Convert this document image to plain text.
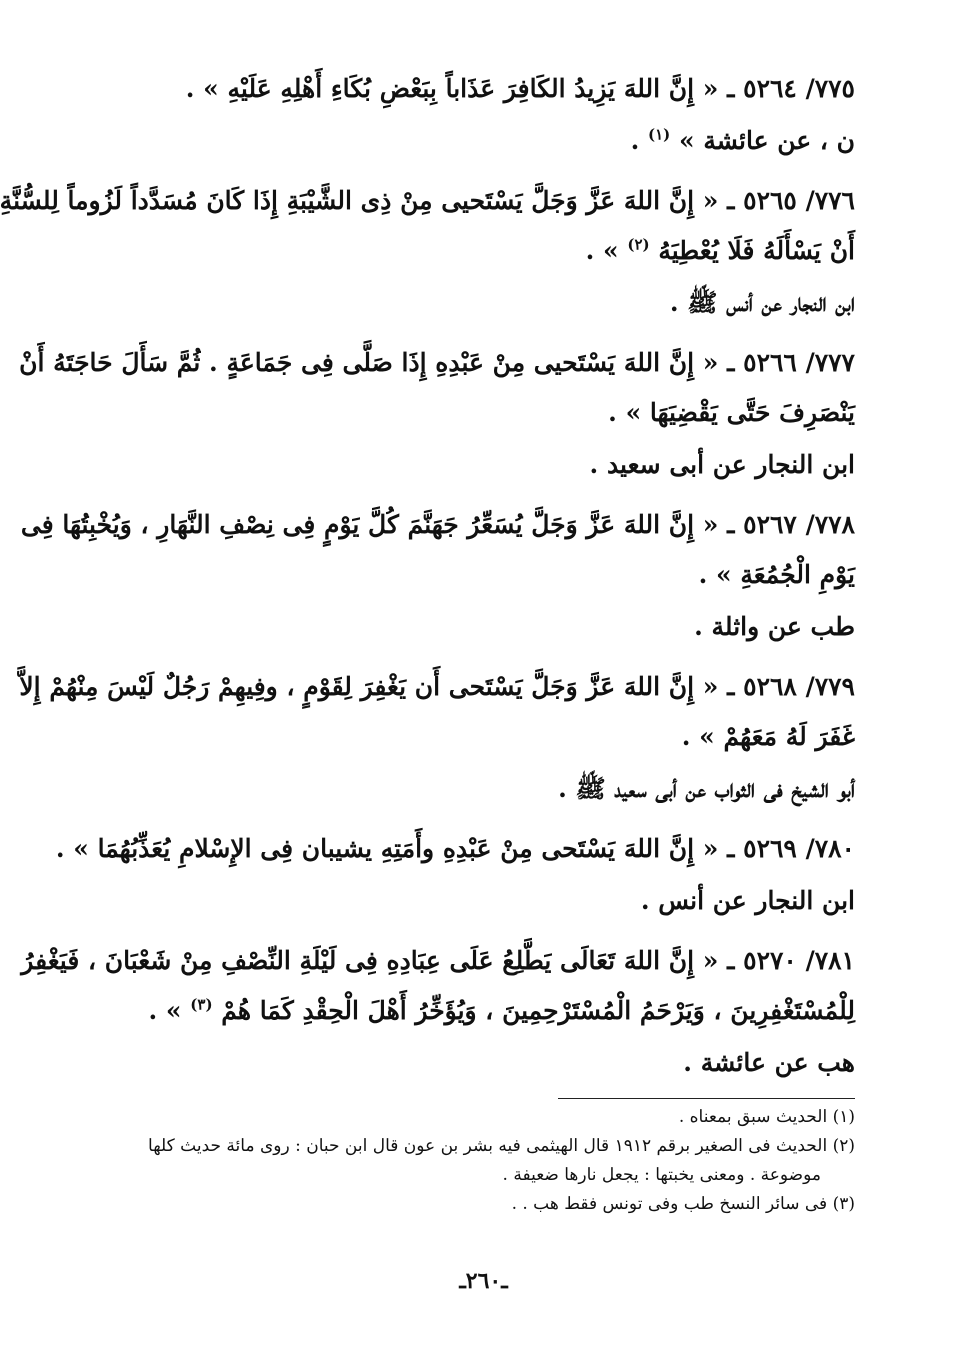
٧٧٥/ ٥٢٦٤ ـ « إِنَّ اللهَ يَزِيدُ الكَافِرَ عَذَاباً بِبَعْضِ بُكَاءِ أَهْلِهِ عَلَيْهِ » .
ن ، عن عائشة » $^{(١)}$ .
٧٧٦/ ٥٢٦٥ ـ « إِنَّ اللهَ عَزَّ وَجَلَّ يَسْتَحيى مِنْ ذِى الشَّيْبَةِ إِذَا كَانَ مُسَدَّداً لَزُوماً لِلسُّنَّةِ
أَنْ يَسْأَلَهُ فَلَا يُعْطِيَهُ $^{(٢)}$ » .
ابن النجار عن أنس ﷺ .
٧٧٧/ ٥٢٦٦ ـ « إِنَّ اللهَ يَسْتَحيى مِنْ عَبْدِهِ إِذَا صَلَّى فِى جَمَاعَةٍ . ثُمَّ سَأَلَ حَاجَتَهُ أَنْ
يَنْصَرِفَ حَتَّى يَقْضِيَهَا » .
ابن النجار عن أبى سعيد .
٧٧٨/ ٥٢٦٧ ـ « إِنَّ اللهَ عَزَّ وَجَلَّ يُسَعِّرُ جَهَنَّمَ كُلَّ يَوْمٍ فِى نِصْفِ النَّهَارِ ، وَيُخْبِتُهَا فِى
يَوْمِ الْجُمُعَةِ » .
طب عن واثلة .
٧٧٩/ ٥٢٦٨ ـ « إِنَّ اللهَ عَزَّ وَجَلَّ يَسْتَحى أَن يَغْفِرَ لِقَوْمٍ ، وفِيهِمْ رَجُلٌ لَيْسَ مِنْهُمْ إِلاَّ
غَفَرَ لَهُ مَعَهُمْ » .
أبو الشيخ فى الثواب عن أبى سعيد ﷺ .
٧٨٠/ ٥٢٦٩ ـ « إِنَّ اللهَ يَسْتَحى مِنْ عَبْدِهِ وأَمَتِهِ يشيبان فِى الإِسْلامِ يُعَذِّبُهُمَا » .
ابن النجار عن أنس .
٧٨١/ ٥٢٧٠ ـ « إِنَّ اللهَ تَعَالَى يَطَّلِعُ عَلَى عِبَادِهِ فِى لَيْلَةِ النِّصْفِ مِنْ شَعْبَانَ ، فَيَغْفِرُ
لِلْمُسْتَغْفِرِينَ ، وَيَرْحَمُ الْمُسْتَرْحِمِينَ ، وَيُؤَخِّرُ أَهْلَ الْحِقْدِ كَمَا هُمْ $^{(٣)}$ » .
هب عن عائشة .
(١) الحديث سبق بمعناه .
(٢) الحديث فى الصغير برقم ١٩١٢ قال الهيثمى فيه بشر بن عون قال ابن حبان : روى مائة حديث كلها
موضوعة . ومعنى يخبتها : يجعل نارها ضعيفة .
(٣) فى سائر النسخ طب وفى تونس فقط هب . .
ـ٢٦٠ـ
